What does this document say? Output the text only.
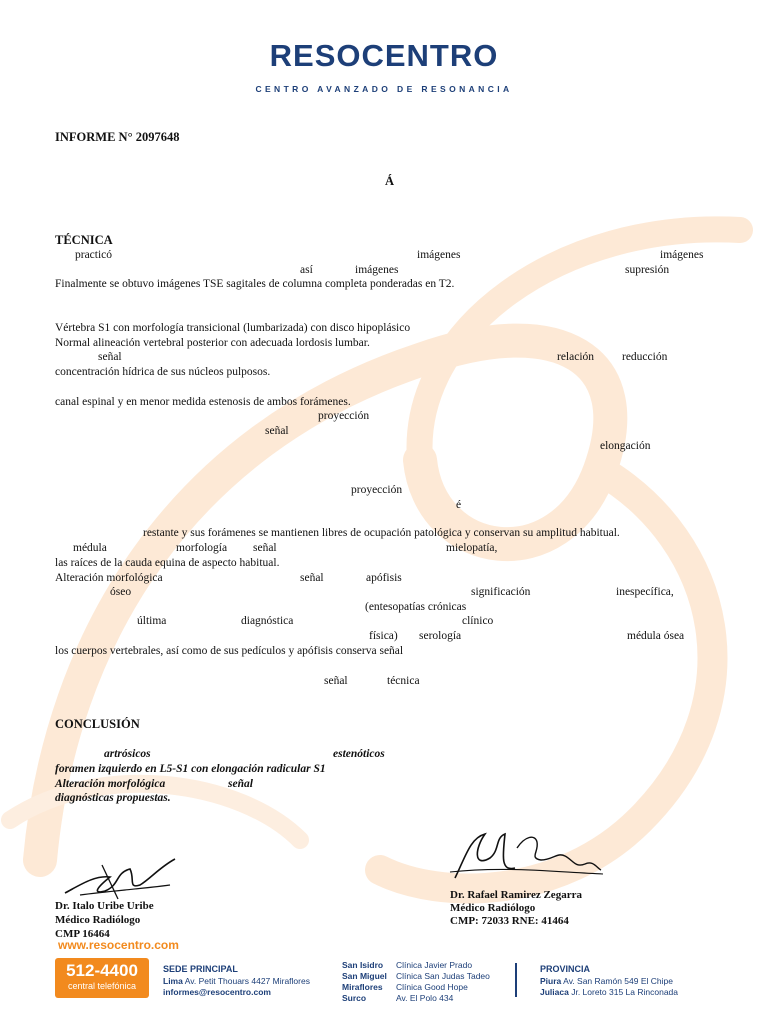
RESOCENTRO
CENTRO AVANZADO DE RESONANCIA
INFORME N° 2097648
Á
TÉCNICA
practicó	imágenes	imágenes
así	imágenes	supresión
Finalmente se obtuvo imágenes TSE sagitales de columna completa ponderadas en T2.
Vértebra S1 con morfología transicional (lumbarizada) con disco hipoplásico
Normal alineación vertebral posterior con adecuada lordosis lumbar.
señal	relación reducción
concentración hídrica de sus núcleos pulposos.
canal espinal y en menor medida estenosis de ambos forámenes.
proyección
señal
elongación
proyección
é
restante y sus forámenes se mantienen libres de ocupación patológica y conservan su amplitud habitual.
médula	morfología señal	mielopatía,
las raíces de la cauda equina de aspecto habitual.
Alteración morfológica	señal	apófisis
óseo	significación	inespecífica,
(entesopatías crónicas
última	diagnóstica	clínico
física) serología	médula ósea
los cuerpos vertebrales, así como de sus pedículos y apófisis conserva señal
señal	técnica
CONCLUSIÓN
artrósicos	estenóticos
foramen izquierdo en L5-S1 con elongación radicular S1
Alteración morfológica	señal
diagnósticas propuestas.
Dr. Italo Uribe Uribe
Médico Radiólogo
CMP 16464
Dr. Rafael Ramirez Zegarra
Médico Radiólogo
CMP: 72033 RNE: 41464
www.resocentro.com
512-4400
central telefónica
SEDE PRINCIPAL
Lima Av. Petit Thouars 4427 Miraflores
informes@resocentro.com
San Isidro Clínica Javier Prado
San Miguel Clínica San Judas Tadeo
Miraflores Clínica Good Hope
Surco	Av. El Polo 434
PROVINCIA
Piura Av. San Ramón 549 El Chipe
Juliaca Jr. Loreto 315 La Rinconada
